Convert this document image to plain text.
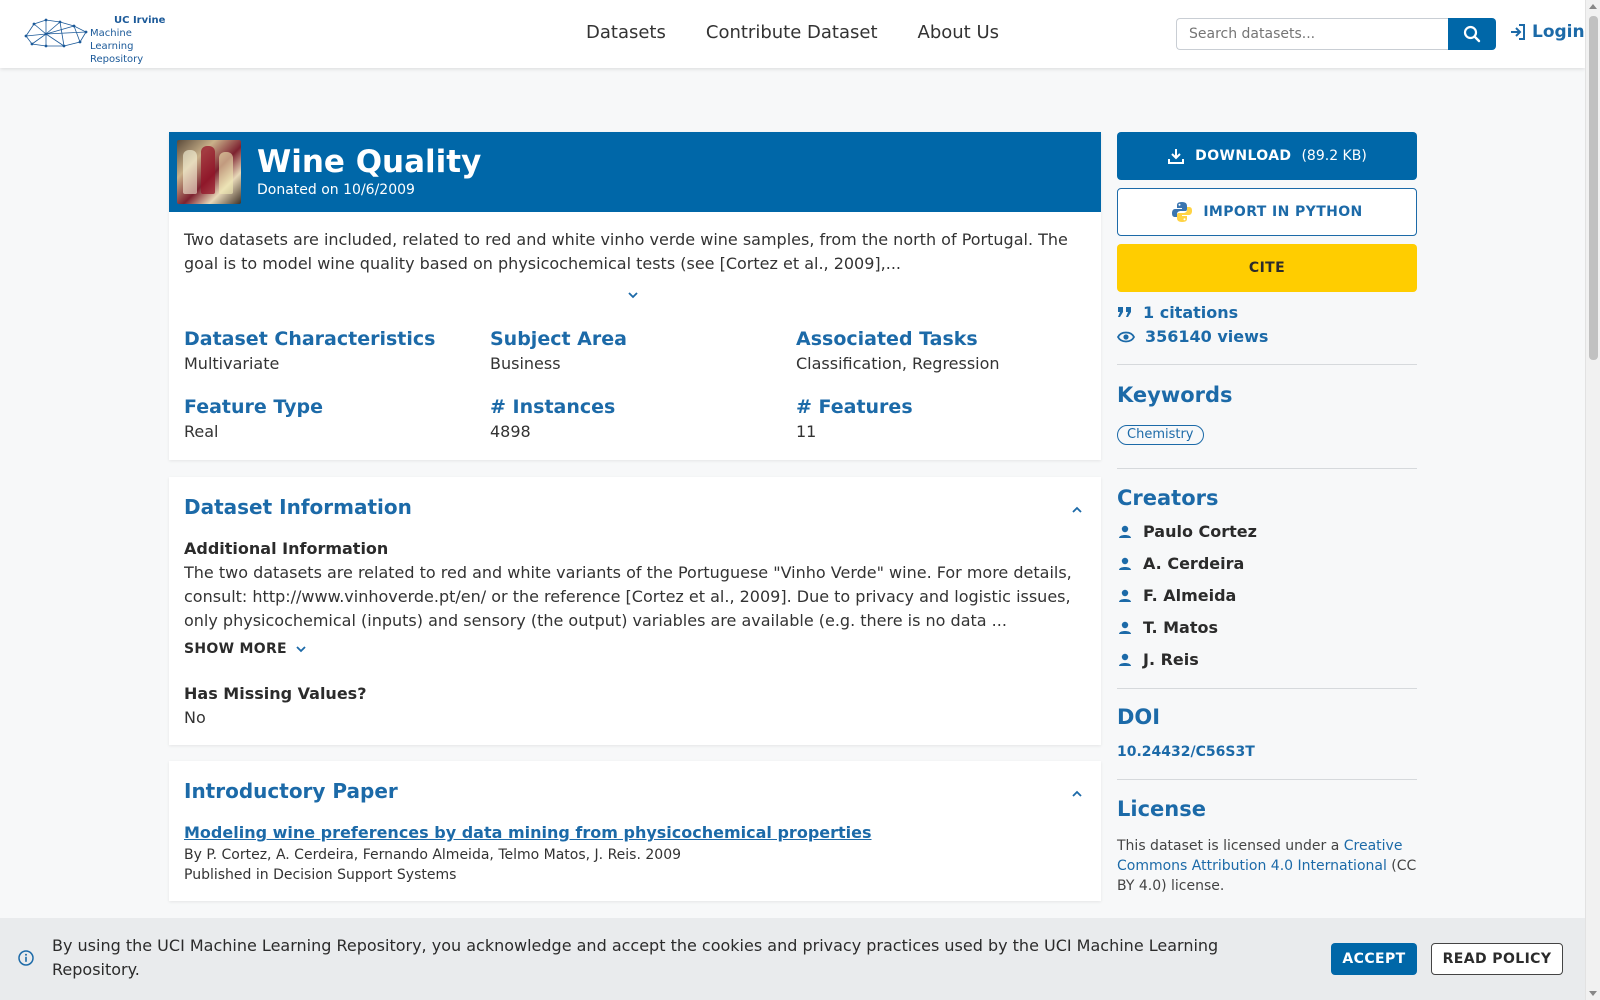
UC Irvine
Machine Learning
Repository
Datasets Contribute Dataset About Us
Search datasets...	Login
Wine Quality
Donated on 10/6/2009
Two datasets are included, related to red and white vinho verde wine samples, from the north of Portugal. The goal is to model wine quality based on physicochemical tests (see [Cortez et al., 2009],...
Dataset Characteristics
Multivariate
Subject Area
Business
Associated Tasks
Classification, Regression
Feature Type
Real
# Instances
4898
# Features
11
Dataset Information
Additional Information
The two datasets are related to red and white variants of the Portuguese "Vinho Verde" wine. For more details, consult: http://www.vinhoverde.pt/en/ or the reference [Cortez et al., 2009]. Due to privacy and logistic issues, only physicochemical (inputs) and sensory (the output) variables are available (e.g. there is no data ...
SHOW MORE
Has Missing Values?
No
Introductory Paper
Modeling wine preferences by data mining from physicochemical properties
By P. Cortez, A. Cerdeira, Fernando Almeida, Telmo Matos, J. Reis. 2009
Published in Decision Support Systems
DOWNLOAD (89.2 KB)
IMPORT IN PYTHON
CITE
1 citations
356140 views
Keywords
Chemistry
Creators
Paulo Cortez
A. Cerdeira
F. Almeida
T. Matos
J. Reis
DOI
10.24432/C56S3T
License
This dataset is licensed under a Creative Commons Attribution 4.0 International (CC BY 4.0) license.
By using the UCI Machine Learning Repository, you acknowledge and accept the cookies and privacy practices used by the UCI Machine Learning Repository.
ACCEPT	READ POLICY
